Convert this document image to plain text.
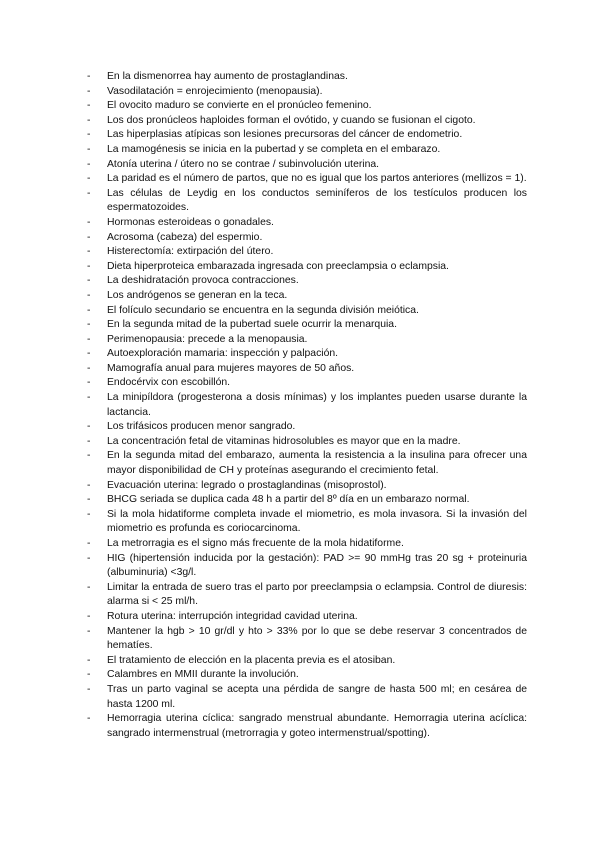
-	En la dismenorrea hay aumento de prostaglandinas.
-	Vasodilatación = enrojecimiento (menopausia).
-	El ovocito maduro se convierte en el pronúcleo femenino.
-	Los dos pronúcleos haploides forman el ovótido, y cuando se fusionan el cigoto.
-	Las hiperplasias atípicas son lesiones precursoras del cáncer de endometrio.
-	La mamogénesis se inicia en la pubertad y se completa en el embarazo.
-	Atonía uterina / útero no se contrae / subinvolución uterina.
-	La paridad es el número de partos, que no es igual que los partos anteriores (mellizos = 1).
-	Las células de Leydig en los conductos seminíferos de los testículos producen los espermatozoides.
-	Hormonas esteroideas o gonadales.
-	Acrosoma (cabeza) del espermio.
-	Histerectomía: extirpación del útero.
-	Dieta hiperproteica embarazada ingresada con preeclampsia o eclampsia.
-	La deshidratación provoca contracciones.
-	Los andrógenos se generan en la teca.
-	El folículo secundario se encuentra en la segunda división meiótica.
-	En la segunda mitad de la pubertad suele ocurrir la menarquia.
-	Perimenopausia: precede a la menopausia.
-	Autoexploración mamaria: inspección y palpación.
-	Mamografía anual para mujeres mayores de 50 años.
-	Endocérvix con escobillón.
-	La minipíldora (progesterona a dosis mínimas) y los implantes pueden usarse durante la lactancia.
-	Los trifásicos producen menor sangrado.
-	La concentración fetal de vitaminas hidrosolubles es mayor que en la madre.
-	En la segunda mitad del embarazo, aumenta la resistencia a la insulina para ofrecer una mayor disponibilidad de CH y proteínas asegurando el crecimiento fetal.
-	Evacuación uterina: legrado o prostaglandinas (misoprostol).
-	BHCG seriada se duplica cada 48 h a partir del 8º día en un embarazo normal.
-	Si la mola hidatiforme completa invade el miometrio, es mola invasora. Si la invasión del miometrio es profunda es coriocarcinoma.
-	La metrorragia es el signo más frecuente de la mola hidatiforme.
-	HIG (hipertensión inducida por la gestación): PAD >= 90 mmHg tras 20 sg + proteinuria (albuminuria) <3g/l.
-	Limitar la entrada de suero tras el parto por preeclampsia o eclampsia. Control de diuresis: alarma si < 25 ml/h.
-	Rotura uterina: interrupción integridad cavidad uterina.
-	Mantener la hgb > 10 gr/dl y hto > 33% por lo que se debe reservar 3 concentrados de hematíes.
-	El tratamiento de elección en la placenta previa es el atosiban.
-	Calambres en MMII durante la involución.
-	Tras un parto vaginal se acepta una pérdida de sangre de hasta 500 ml; en cesárea de hasta 1200 ml.
-	Hemorragia uterina cíclica: sangrado menstrual abundante. Hemorragia uterina acíclica: sangrado intermenstrual (metrorragia y goteo intermenstrual/spotting).
